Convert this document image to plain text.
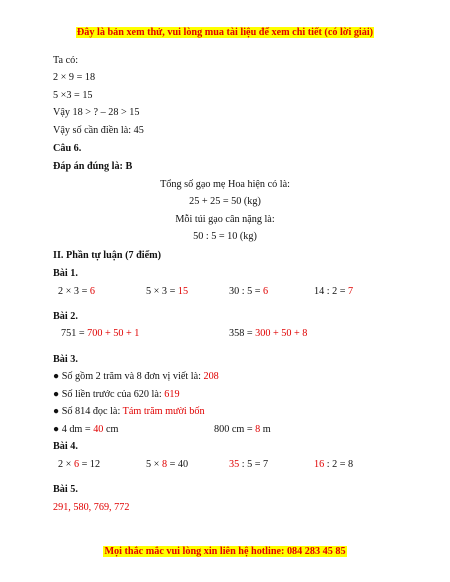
Đây là bản xem thử, vui lòng mua tài liệu để xem chi tiết (có lời giải)
Ta có:
2 × 9 = 18
5 ×3 = 15
Vậy 18 > ? – 28 > 15
Vậy số cần điền là: 45
Câu 6.
Đáp án đúng là: B
Tổng số gạo mẹ Hoa hiện có là:
25 + 25 = 50 (kg)
Mỗi túi gạo cân nặng là:
50 : 5 = 10 (kg)
II. Phần tự luận (7 điểm)
Bài 1.
2 × 3 = 6	5 × 3 = 15	30 : 5 = 6	14 : 2 = 7
Bài 2.
751 = 700 + 50 + 1	358 = 300 + 50 + 8
Bài 3.
● Số gồm 2 trăm và 8 đơn vị viết là: 208
● Số liền trước của 620 là: 619
● Số 814 đọc là: Tám trăm mười bốn
● 4 dm = 40 cm	800 cm = 8 m
Bài 4.
2 × 6 = 12	5 × 8 = 40	35 : 5 = 7	16 : 2 = 8
Bài 5.
291, 580, 769, 772
Mọi thắc mắc vui lòng xin liên hệ hotline: 084 283 45 85
